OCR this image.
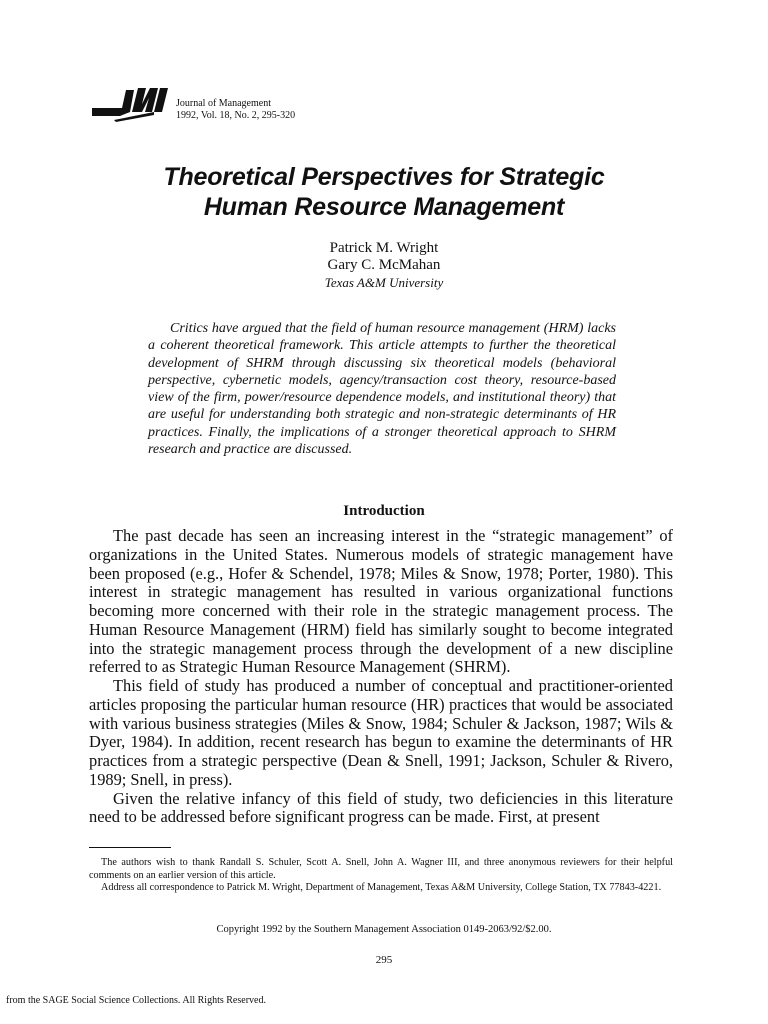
Journal of Management
1992, Vol. 18, No. 2, 295-320
Theoretical Perspectives for Strategic
Human Resource Management
Patrick M. Wright
Gary C. McMahan
Texas A&M University
Critics have argued that the field of human resource management (HRM) lacks a coherent theoretical framework. This article attempts to further the theoretical development of SHRM through discussing six theoretical models (behavioral perspective, cybernetic models, agency/transaction cost theory, resource-based view of the firm, power/resource dependence models, and institutional theory) that are useful for understanding both strategic and non-strategic determinants of HR practices. Finally, the implications of a stronger theoretical approach to SHRM research and practice are discussed.
Introduction

The past decade has seen an increasing interest in the “strategic management” of organizations in the United States. Numerous models of strategic management have been proposed (e.g., Hofer & Schendel, 1978; Miles & Snow, 1978; Porter, 1980). This interest in strategic management has resulted in various organizational functions becoming more concerned with their role in the strategic management process. The Human Resource Management (HRM) field has similarly sought to become integrated into the strategic management process through the development of a new discipline referred to as Strategic Human Resource Management (SHRM).

This field of study has produced a number of conceptual and practitioner-oriented articles proposing the particular human resource (HR) practices that would be associated with various business strategies (Miles & Snow, 1984; Schuler & Jackson, 1987; Wils & Dyer, 1984). In addition, recent research has begun to examine the determinants of HR practices from a strategic perspective (Dean & Snell, 1991; Jackson, Schuler & Rivero, 1989; Snell, in press).

Given the relative infancy of this field of study, two deficiencies in this literature need to be addressed before significant progress can be made. First, at present

The authors wish to thank Randall S. Schuler, Scott A. Snell, John A. Wagner III, and three anonymous reviewers for their helpful comments on an earlier version of this article.

Address all correspondence to Patrick M. Wright, Department of Management, Texas A&M University, College Station, TX 77843-4221.

Copyright 1992 by the Southern Management Association 0149-2063/92/$2.00.
295
from the SAGE Social Science Collections. All Rights Reserved.
